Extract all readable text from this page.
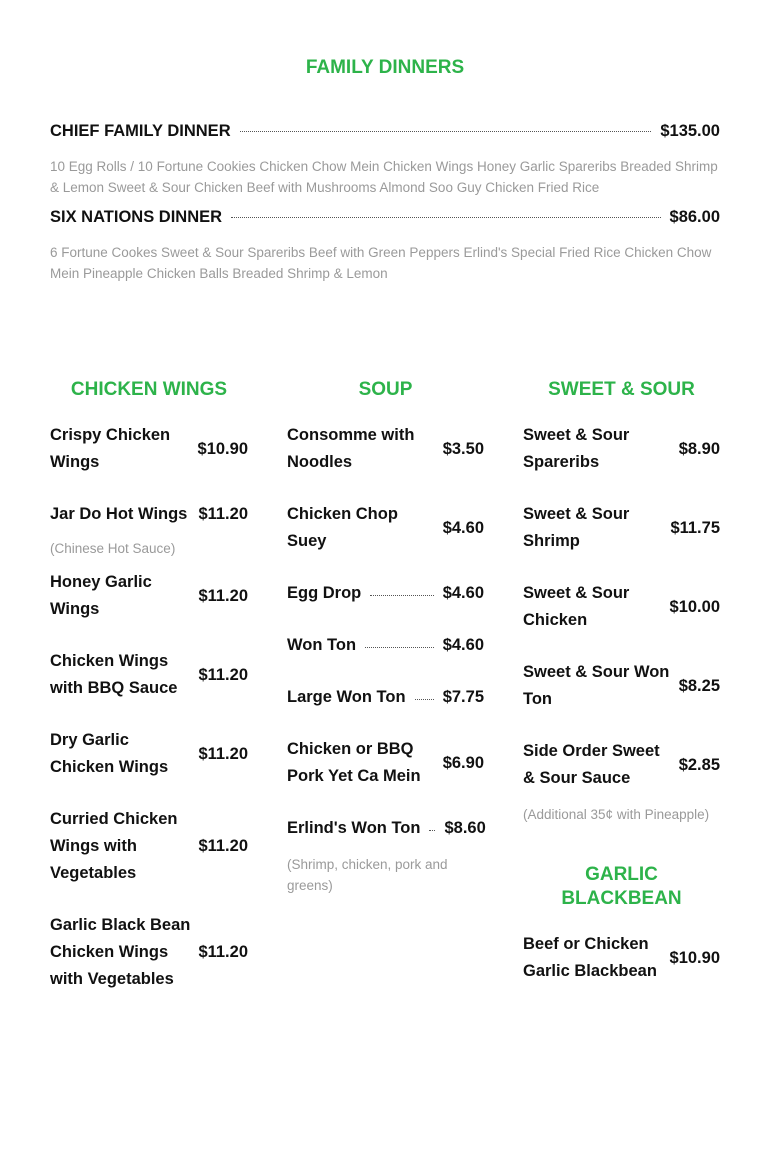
FAMILY DINNERS
CHIEF FAMILY DINNER	$135.00
10 Egg Rolls / 10 Fortune Cookies Chicken Chow Mein Chicken Wings Honey Garlic Spareribs Breaded Shrimp & Lemon Sweet & Sour Chicken Beef with Mushrooms Almond Soo Guy Chicken Fried Rice
SIX NATIONS DINNER	$86.00
6 Fortune Cookes Sweet & Sour Spareribs Beef with Green Peppers Erlind's Special Fried Rice Chicken Chow Mein Pineapple Chicken Balls Breaded Shrimp & Lemon
CHICKEN WINGS
Crispy Chicken Wings
$10.90
Jar Do Hot Wings $11.20
(Chinese Hot Sauce)
Honey Garlic Wings
$11.20
Chicken Wings with BBQ Sauce
$11.20
Dry Garlic Chicken Wings
$11.20
Curried Chicken Wings with Vegetables
$11.20
Garlic Black Bean Chicken Wings with Vegetables
$11.20
SOUP
Consomme with Noodles
$3.50
Chicken Chop Suey
$4.60
Egg Drop	$4.60
Won Ton	$4.60
Large Won Ton $7.75
Chicken or BBQ Pork Yet Ca Mein
$6.90
Erlind's Won Ton $8.60
(Shrimp, chicken, pork and greens)
SWEET & SOUR
Sweet & Sour Spareribs
$8.90
Sweet & Sour Shrimp
$11.75
Sweet & Sour Chicken
$10.00
Sweet & Sour Won Ton
$8.25
Side Order Sweet & Sour Sauce
$2.85
(Additional 35¢ with Pineapple)
GARLIC BLACKBEAN
Beef or Chicken Garlic Blackbean
$10.90
